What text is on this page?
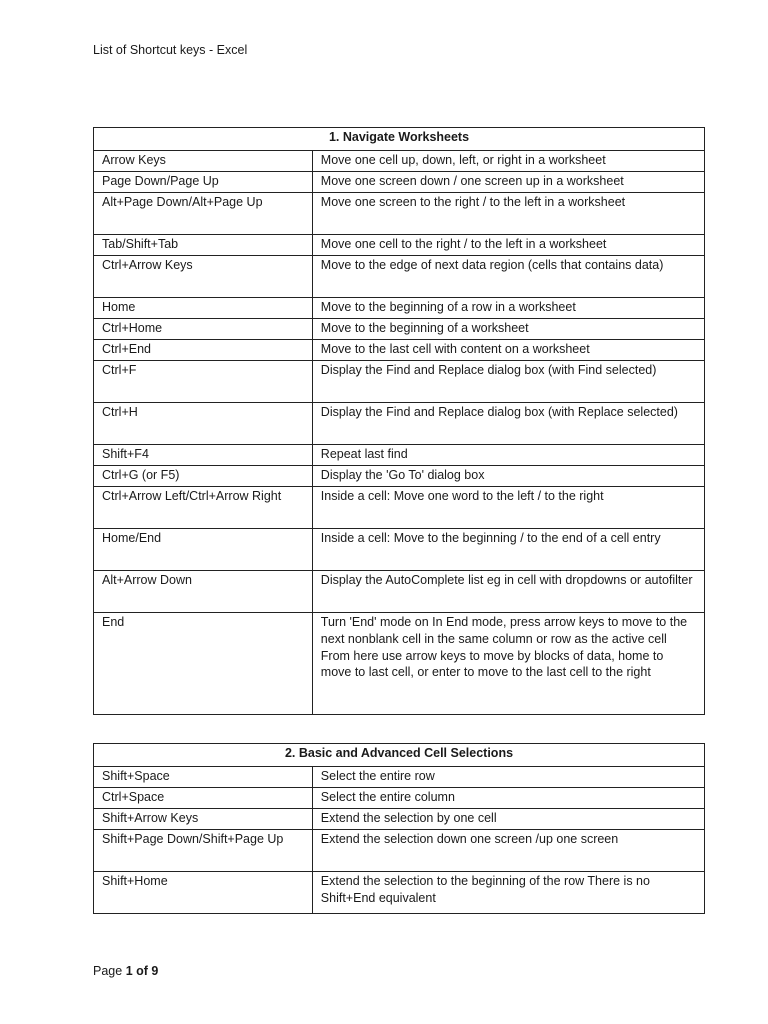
List of Shortcut keys - Excel
1. Navigate Worksheets	
Arrow Keys	Move one cell up, down, left, or right in a worksheet
Page Down/Page Up	Move one screen down / one screen up in a worksheet
Alt+Page Down/Alt+Page Up	Move one screen to the right / to the left in a worksheet
Tab/Shift+Tab	Move one cell to the right / to the left in a worksheet
Ctrl+Arrow Keys	Move to the edge of next data region (cells that contains data)
Home	Move to the beginning of a row in a worksheet
Ctrl+Home	Move to the beginning of a worksheet
Ctrl+End	Move to the last cell with content on a worksheet
Ctrl+F	Display the Find and Replace dialog box (with Find selected)
Ctrl+H	Display the Find and Replace dialog box (with Replace selected)
Shift+F4	Repeat last find
Ctrl+G (or F5)	Display the 'Go To' dialog box
Ctrl+Arrow Left/Ctrl+Arrow Right	Inside a cell: Move one word to the left / to the right
Home/End	Inside a cell: Move to the beginning / to the end of a cell entry
Alt+Arrow Down	Display the AutoComplete list eg in cell with dropdowns or autofilter
End	Turn 'End' mode on In End mode, press arrow keys to move to the next nonblank cell in the same column or row as the active cell From here use arrow keys to move by blocks of data, home to move to last cell, or enter to move to the last cell to the right
2. Basic and Advanced Cell Selections	
Shift+Space	Select the entire row
Ctrl+Space	Select the entire column
Shift+Arrow Keys	Extend the selection by one cell
Shift+Page Down/Shift+Page Up	Extend the selection down one screen /up one screen
Shift+Home	Extend the selection to the beginning of the row There is no Shift+End equivalent
Page 1 of 9
